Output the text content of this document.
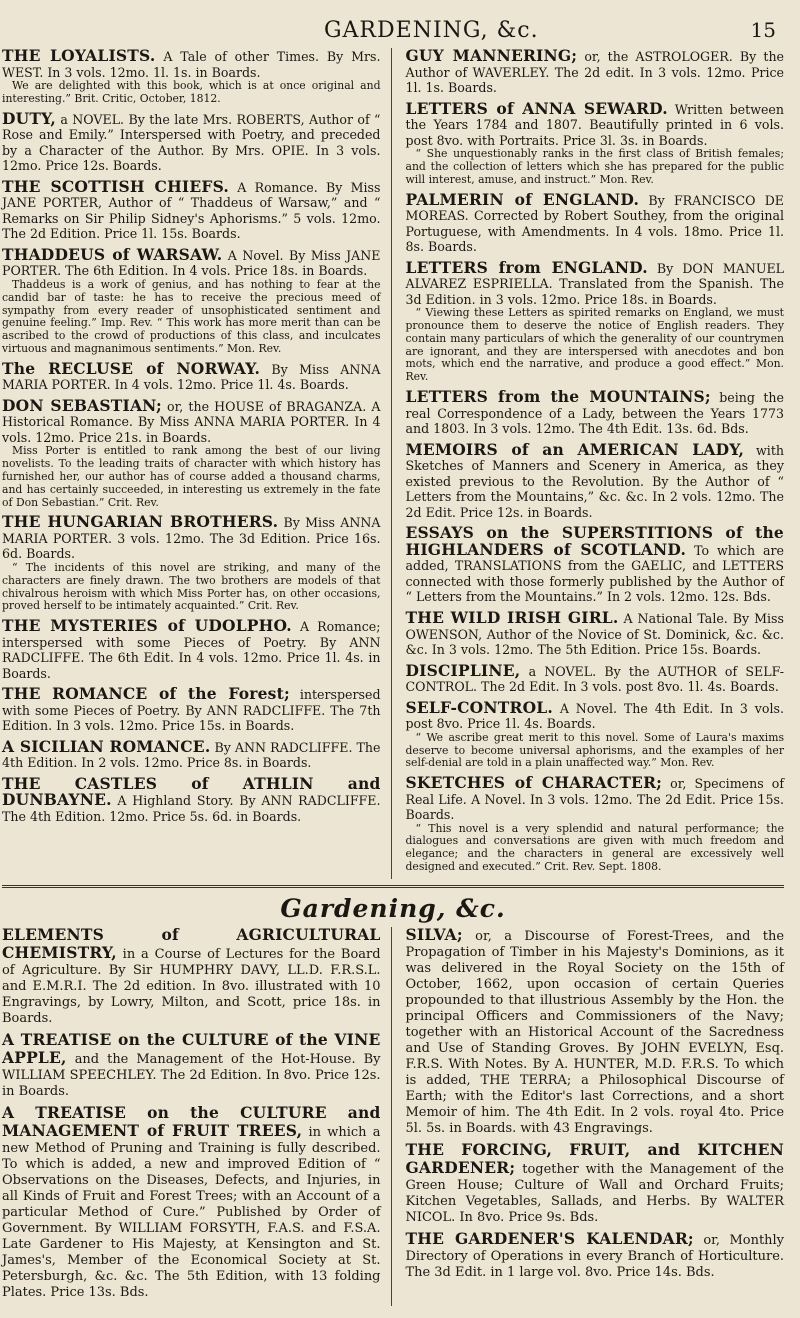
GARDENING, &c.	15

THE LOYALISTS. A Tale of other Times. By Mrs. WEST. In 3 vols. 12mo. 1l. 1s. in Boards.

We are delighted with this book, which is at once original and interesting.” Brit. Critic, October, 1812.

DUTY, a NOVEL. By the late Mrs. ROBERTS, Author of “ Rose and Emily.” Interspersed with Poetry, and preceded by a Character of the Author. By Mrs. OPIE. In 3 vols. 12mo. Price 12s. Boards.

THE SCOTTISH CHIEFS. A Romance. By Miss JANE PORTER, Author of “ Thaddeus of Warsaw,” and “ Remarks on Sir Philip Sidney's Aphorisms.” 5 vols. 12mo. The 2d Edition. Price 1l. 15s. Boards.

THADDEUS of WARSAW. A Novel. By Miss JANE PORTER. The 6th Edition. In 4 vols. Price 18s. in Boards.

Thaddeus is a work of genius, and has nothing to fear at the candid bar of taste: he has to receive the precious meed of sympathy from every reader of unsophisticated sentiment and genuine feeling.” Imp. Rev. “ This work has more merit than can be ascribed to the crowd of productions of this class, and inculcates virtuous and magnanimous sentiments.” Mon. Rev.

The RECLUSE of NORWAY. By Miss ANNA MARIA PORTER. In 4 vols. 12mo. Price 1l. 4s. Boards.

DON SEBASTIAN; or, the HOUSE of BRAGANZA. A Historical Romance. By Miss ANNA MARIA PORTER. In 4 vols. 12mo. Price 21s. in Boards.

Miss Porter is entitled to rank among the best of our living novelists. To the leading traits of character with which history has furnished her, our author has of course added a thousand charms, and has certainly succeeded, in interesting us extremely in the fate of Don Sebastian.” Crit. Rev.

THE HUNGARIAN BROTHERS. By Miss ANNA MARIA PORTER. 3 vols. 12mo. The 3d Edition. Price 16s. 6d. Boards.

“ The incidents of this novel are striking, and many of the characters are finely drawn. The two brothers are models of that chivalrous heroism with which Miss Porter has, on other occasions, proved herself to be intimately acquainted.” Crit. Rev.

THE MYSTERIES of UDOLPHO. A Romance; interspersed with some Pieces of Poetry. By ANN RADCLIFFE. The 6th Edit. In 4 vols. 12mo. Price 1l. 4s. in Boards.

THE ROMANCE of the Forest; interspersed with some Pieces of Poetry. By ANN RADCLIFFE. The 7th Edition. In 3 vols. 12mo. Price 15s. in Boards.

A SICILIAN ROMANCE. By ANN RADCLIFFE. The 4th Edition. In 2 vols. 12mo. Price 8s. in Boards.

THE CASTLES of ATHLIN and DUNBAYNE. A Highland Story. By ANN RADCLIFFE. The 4th Edition. 12mo. Price 5s. 6d. in Boards.

GUY MANNERING; or, the ASTROLOGER. By the Author of WAVERLEY. The 2d edit. In 3 vols. 12mo. Price 1l. 1s. Boards.

LETTERS of ANNA SEWARD. Written between the Years 1784 and 1807. Beautifully printed in 6 vols. post 8vo. with Portraits. Price 3l. 3s. in Boards.

“ She unquestionably ranks in the first class of British females; and the collection of letters which she has prepared for the public will interest, amuse, and instruct.” Mon. Rev.

PALMERIN of ENGLAND. By FRANCISCO DE MOREAS. Corrected by Robert Southey, from the original Portuguese, with Amendments. In 4 vols. 18mo. Price 1l. 8s. Boards.

LETTERS from ENGLAND. By DON MANUEL ALVAREZ ESPRIELLA. Translated from the Spanish. The 3d Edition. in 3 vols. 12mo. Price 18s. in Boards.

“ Viewing these Letters as spirited remarks on England, we must pronounce them to deserve the notice of English readers. They contain many particulars of which the generality of our countrymen are ignorant, and they are interspersed with anecdotes and bon mots, which end the narrative, and produce a good effect.” Mon. Rev.

LETTERS from the MOUNTAINS; being the real Correspondence of a Lady, between the Years 1773 and 1803. In 3 vols. 12mo. The 4th Edit. 13s. 6d. Bds.

MEMOIRS of an AMERICAN LADY, with Sketches of Manners and Scenery in America, as they existed previous to the Revolution. By the Author of “ Letters from the Mountains,” &c. &c. In 2 vols. 12mo. The 2d Edit. Price 12s. in Boards.

ESSAYS on the SUPERSTITIONS of the HIGHLANDERS of SCOTLAND. To which are added, TRANSLATIONS from the GAELIC, and LETTERS connected with those formerly published by the Author of “ Letters from the Mountains.” In 2 vols. 12mo. 12s. Bds.

THE WILD IRISH GIRL. A National Tale. By Miss OWENSON, Author of the Novice of St. Dominick, &c. &c. &c. In 3 vols. 12mo. The 5th Edition. Price 15s. Boards.

DISCIPLINE, a NOVEL. By the AUTHOR of SELF-CONTROL. The 2d Edit. In 3 vols. post 8vo. 1l. 4s. Boards.

SELF-CONTROL. A Novel. The 4th Edit. In 3 vols. post 8vo. Price 1l. 4s. Boards.

“ We ascribe great merit to this novel. Some of Laura's maxims deserve to become universal aphorisms, and the examples of her self-denial are told in a plain unaffected way.” Mon. Rev.

SKETCHES of CHARACTER; or, Specimens of Real Life. A Novel. In 3 vols. 12mo. The 2d Edit. Price 15s. Boards.

“ This novel is a very splendid and natural performance; the dialogues and conversations are given with much freedom and elegance; and the characters in general are excessively well designed and executed.” Crit. Rev. Sept. 1808.

Gardening, &c.

ELEMENTS of AGRICULTURAL CHEMISTRY, in a Course of Lectures for the Board of Agriculture. By Sir HUMPHRY DAVY, LL.D. F.R.S.L. and E.M.R.I. The 2d edition. In 8vo. illustrated with 10 Engravings, by Lowry, Milton, and Scott, price 18s. in Boards.

A TREATISE on the CULTURE of the VINE APPLE, and the Management of the Hot-House. By WILLIAM SPEECHLEY. The 2d Edition. In 8vo. Price 12s. in Boards.

A TREATISE on the CULTURE and MANAGEMENT of FRUIT TREES, in which a new Method of Pruning and Training is fully described. To which is added, a new and improved Edition of “ Observations on the Diseases, Defects, and Injuries, in all Kinds of Fruit and Forest Trees; with an Account of a particular Method of Cure.” Published by Order of Government. By WILLIAM FORSYTH, F.A.S. and F.S.A. Late Gardener to His Majesty, at Kensington and St. James's, Member of the Economical Society at St. Petersburgh, &c. &c. The 5th Edition, with 13 folding Plates. Price 13s. Bds.

SILVA; or, a Discourse of Forest-Trees, and the Propagation of Timber in his Majesty's Dominions, as it was delivered in the Royal Society on the 15th of October, 1662, upon occasion of certain Queries propounded to that illustrious Assembly by the Hon. the principal Officers and Commissioners of the Navy; together with an Historical Account of the Sacredness and Use of Standing Groves. By JOHN EVELYN, Esq. F.R.S. With Notes. By A. HUNTER, M.D. F.R.S. To which is added, THE TERRA; a Philosophical Discourse of Earth; with the Editor's last Corrections, and a short Memoir of him. The 4th Edit. In 2 vols. royal 4to. Price 5l. 5s. in Boards. with 43 Engravings.

THE FORCING, FRUIT, and KITCHEN GARDENER; together with the Management of the Green House; Culture of Wall and Orchard Fruits; Kitchen Vegetables, Sallads, and Herbs. By WALTER NICOL. In 8vo. Price 9s. Bds.

THE GARDENER'S KALENDAR; or, Monthly Directory of Operations in every Branch of Horticulture. The 3d Edit. in 1 large vol. 8vo. Price 14s. Bds.
